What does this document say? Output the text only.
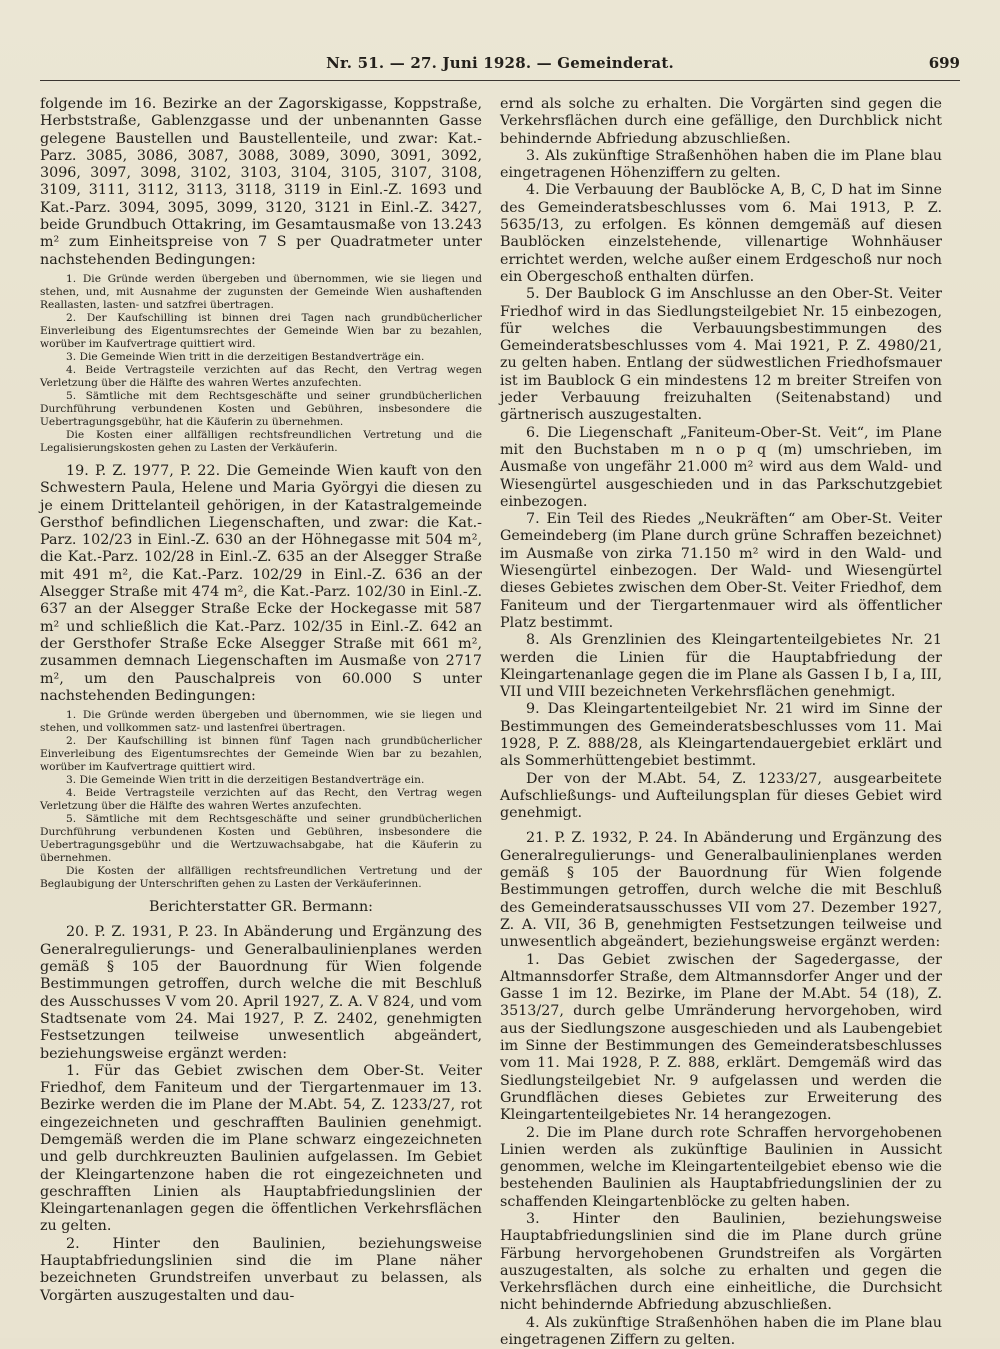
Nr. 51. — 27. Juni 1928. — Gemeinderat.	699

folgende im 16. Bezirke an der Zagorskigasse, Koppstraße, Herbststraße, Gablenzgasse und der unbenannten Gasse gelegene Baustellen und Baustellenteile, und zwar: Kat.-Parz. 3085, 3086, 3087, 3088, 3089, 3090, 3091, 3092, 3096, 3097, 3098, 3102, 3103, 3104, 3105, 3107, 3108, 3109, 3111, 3112, 3113, 3118, 3119 in Einl.-Z. 1693 und Kat.-Parz. 3094, 3095, 3099, 3120, 3121 in Einl.-Z. 3427, beide Grundbuch Ottakring, im Gesamtausmaße von 13.243 m² zum Einheitspreise von 7 S per Quadratmeter unter nachstehenden Bedingungen:

1. Die Gründe werden übergeben und übernommen, wie sie liegen und stehen, und, mit Ausnahme der zugunsten der Gemeinde Wien aushaftenden Reallasten, lasten- und satzfrei übertragen.

2. Der Kaufschilling ist binnen drei Tagen nach grundbücherlicher Einverleibung des Eigentumsrechtes der Gemeinde Wien bar zu bezahlen, worüber im Kaufvertrage quittiert wird.

3. Die Gemeinde Wien tritt in die derzeitigen Bestandverträge ein.

4. Beide Vertragsteile verzichten auf das Recht, den Vertrag wegen Verletzung über die Hälfte des wahren Wertes anzufechten.

5. Sämtliche mit dem Rechtsgeschäfte und seiner grundbücherlichen Durchführung verbundenen Kosten und Gebühren, insbesondere die Uebertragungsgebühr, hat die Käuferin zu übernehmen.

Die Kosten einer allfälligen rechtsfreundlichen Vertretung und die Legalisierungskosten gehen zu Lasten der Verkäuferin.

19. P. Z. 1977, P. 22. Die Gemeinde Wien kauft von den Schwestern Paula, Helene und Maria Györgyi die diesen zu je einem Drittelanteil gehörigen, in der Katastralgemeinde Gersthof befindlichen Liegenschaften, und zwar: die Kat.-Parz. 102/23 in Einl.-Z. 630 an der Höhnegasse mit 504 m², die Kat.-Parz. 102/28 in Einl.-Z. 635 an der Alsegger Straße mit 491 m², die Kat.-Parz. 102/29 in Einl.-Z. 636 an der Alsegger Straße mit 474 m², die Kat.-Parz. 102/30 in Einl.-Z. 637 an der Alsegger Straße Ecke der Hockegasse mit 587 m² und schließlich die Kat.-Parz. 102/35 in Einl.-Z. 642 an der Gersthofer Straße Ecke Alsegger Straße mit 661 m², zusammen demnach Liegenschaften im Ausmaße von 2717 m², um den Pauschalpreis von 60.000 S unter nachstehenden Bedingungen:

1. Die Gründe werden übergeben und übernommen, wie sie liegen und stehen, und vollkommen satz- und lastenfrei übertragen.

2. Der Kaufschilling ist binnen fünf Tagen nach grundbücherlicher Einverleibung des Eigentumsrechtes der Gemeinde Wien bar zu bezahlen, worüber im Kaufvertrage quittiert wird.

3. Die Gemeinde Wien tritt in die derzeitigen Bestandverträge ein.

4. Beide Vertragsteile verzichten auf das Recht, den Vertrag wegen Verletzung über die Hälfte des wahren Wertes anzufechten.

5. Sämtliche mit dem Rechtsgeschäfte und seiner grundbücherlichen Durchführung verbundenen Kosten und Gebühren, insbesondere die Uebertragungsgebühr und die Wertzuwachsabgabe, hat die Käuferin zu übernehmen.

Die Kosten der allfälligen rechtsfreundlichen Vertretung und der Beglaubigung der Unterschriften gehen zu Lasten der Verkäuferinnen.

Berichterstatter GR. Bermann:

20. P. Z. 1931, P. 23. In Abänderung und Ergänzung des Generalregulierungs- und Generalbaulinienplanes werden gemäß § 105 der Bauordnung für Wien folgende Bestimmungen getroffen, durch welche die mit Beschluß des Ausschusses V vom 20. April 1927, Z. A. V 824, und vom Stadtsenate vom 24. Mai 1927, P. Z. 2402, genehmigten Festsetzungen teilweise unwesentlich abgeändert, beziehungsweise ergänzt werden:

1. Für das Gebiet zwischen dem Ober-St. Veiter Friedhof, dem Faniteum und der Tiergartenmauer im 13. Bezirke werden die im Plane der M.Abt. 54, Z. 1233/27, rot eingezeichneten und geschrafften Baulinien genehmigt. Demgemäß werden die im Plane schwarz eingezeichneten und gelb durchkreuzten Baulinien aufgelassen. Im Gebiet der Kleingartenzone haben die rot eingezeichneten und geschrafften Linien als Hauptabfriedungslinien der Kleingartenanlagen gegen die öffentlichen Verkehrsflächen zu gelten.

2. Hinter den Baulinien, beziehungsweise Hauptabfriedungslinien sind die im Plane näher bezeichneten Grundstreifen unverbaut zu belassen, als Vorgärten auszugestalten und dau-

ernd als solche zu erhalten. Die Vorgärten sind gegen die Verkehrsflächen durch eine gefällige, den Durchblick nicht behindernde Abfriedung abzuschließen.

3. Als zukünftige Straßenhöhen haben die im Plane blau eingetragenen Höhenziffern zu gelten.

4. Die Verbauung der Baublöcke A, B, C, D hat im Sinne des Gemeinderatsbeschlusses vom 6. Mai 1913, P. Z. 5635/13, zu erfolgen. Es können demgemäß auf diesen Baublöcken einzelstehende, villenartige Wohnhäuser errichtet werden, welche außer einem Erdgeschoß nur noch ein Obergeschoß enthalten dürfen.

5. Der Baublock G im Anschlusse an den Ober-St. Veiter Friedhof wird in das Siedlungsteilgebiet Nr. 15 einbezogen, für welches die Verbauungsbestimmungen des Gemeinderatsbeschlusses vom 4. Mai 1921, P. Z. 4980/21, zu gelten haben. Entlang der südwestlichen Friedhofsmauer ist im Baublock G ein mindestens 12 m breiter Streifen von jeder Verbauung freizuhalten (Seitenabstand) und gärtnerisch auszugestalten.

6. Die Liegenschaft „Faniteum-Ober-St. Veit“, im Plane mit den Buchstaben m n o p q (m) umschrieben, im Ausmaße von ungefähr 21.000 m² wird aus dem Wald- und Wiesengürtel ausgeschieden und in das Parkschutzgebiet einbezogen.

7. Ein Teil des Riedes „Neukräften“ am Ober-St. Veiter Gemeindeberg (im Plane durch grüne Schraffen bezeichnet) im Ausmaße von zirka 71.150 m² wird in den Wald- und Wiesengürtel einbezogen. Der Wald- und Wiesengürtel dieses Gebietes zwischen dem Ober-St. Veiter Friedhof, dem Faniteum und der Tiergartenmauer wird als öffentlicher Platz bestimmt.

8. Als Grenzlinien des Kleingartenteilgebietes Nr. 21 werden die Linien für die Hauptabfriedung der Kleingartenanlage gegen die im Plane als Gassen I b, I a, III, VII und VIII bezeichneten Verkehrsflächen genehmigt.

9. Das Kleingartenteilgebiet Nr. 21 wird im Sinne der Bestimmungen des Gemeinderatsbeschlusses vom 11. Mai 1928, P. Z. 888/28, als Kleingartendauergebiet erklärt und als Sommerhüttengebiet bestimmt.

Der von der M.Abt. 54, Z. 1233/27, ausgearbeitete Aufschließungs- und Aufteilungsplan für dieses Gebiet wird genehmigt.

21. P. Z. 1932, P. 24. In Abänderung und Ergänzung des Generalregulierungs- und Generalbaulinienplanes werden gemäß § 105 der Bauordnung für Wien folgende Bestimmungen getroffen, durch welche die mit Beschluß des Gemeinderatsausschusses VII vom 27. Dezember 1927, Z. A. VII, 36 B, genehmigten Festsetzungen teilweise und unwesentlich abgeändert, beziehungsweise ergänzt werden:

1. Das Gebiet zwischen der Sagedergasse, der Altmannsdorfer Straße, dem Altmannsdorfer Anger und der Gasse 1 im 12. Bezirke, im Plane der M.Abt. 54 (18), Z. 3513/27, durch gelbe Umränderung hervorgehoben, wird aus der Siedlungszone ausgeschieden und als Laubengebiet im Sinne der Bestimmungen des Gemeinderatsbeschlusses vom 11. Mai 1928, P. Z. 888, erklärt. Demgemäß wird das Siedlungsteilgebiet Nr. 9 aufgelassen und werden die Grundflächen dieses Gebietes zur Erweiterung des Kleingartenteilgebietes Nr. 14 herangezogen.

2. Die im Plane durch rote Schraffen hervorgehobenen Linien werden als zukünftige Baulinien in Aussicht genommen, welche im Kleingartenteilgebiet ebenso wie die bestehenden Baulinien als Hauptabfriedungslinien der zu schaffenden Kleingartenblöcke zu gelten haben.

3. Hinter den Baulinien, beziehungsweise Hauptabfriedungslinien sind die im Plane durch grüne Färbung hervorgehobenen Grundstreifen als Vorgärten auszugestalten, als solche zu erhalten und gegen die Verkehrsflächen durch eine einheitliche, die Durchsicht nicht behindernde Abfriedung abzuschließen.

4. Als zukünftige Straßenhöhen haben die im Plane blau eingetragenen Ziffern zu gelten.
